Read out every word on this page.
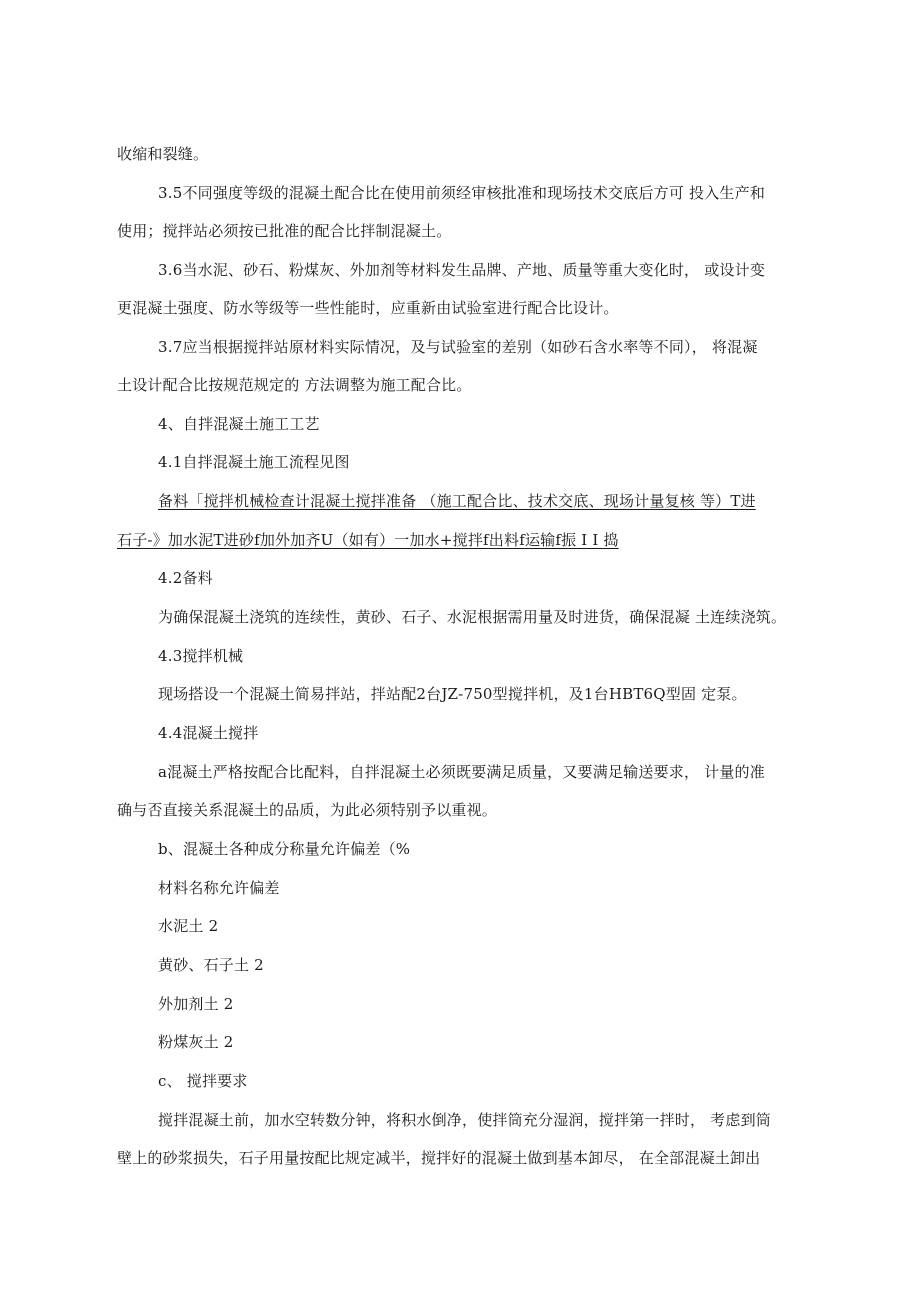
收缩和裂缝。
3.5不同强度等级的混凝土配合比在使用前须经审核批准和现场技术交底后方可 投入生产和
使用；搅拌站必须按已批准的配合比拌制混凝土。
3.6当水泥、砂石、粉煤灰、外加剂等材料发生品牌、产地、质量等重大变化时， 或设计变
更混凝土强度、防水等级等一些性能时，应重新由试验室进行配合比设计。
3.7应当根据搅拌站原材料实际情况，及与试验室的差别（如砂石含水率等不同）， 将混凝
土设计配合比按规范规定的 方法调整为施工配合比。
4、自拌混凝土施工工艺
4.1自拌混凝土施工流程见图
备料「搅拌机械检查计混凝土搅拌准备 （施工配合比、技术交底、现场计量复核 等）T进
石子-》加水泥T进砂f加外加齐U（如有）一加水+搅拌f出料f运输f振 I I 捣
4.2备料
为确保混凝土浇筑的连续性，黄砂、石子、水泥根据需用量及时进货，确保混凝 土连续浇筑。
4.3搅拌机械
现场搭设一个混凝土简易拌站，拌站配2台JZ-750型搅拌机，及1台HBT6Q型固 定泵。
4.4混凝土搅拌
a混凝土严格按配合比配料，自拌混凝土必须既要满足质量，又要满足输送要求， 计量的准
确与否直接关系混凝土的品质，为此必须特别予以重视。
b、混凝土各种成分称量允许偏差（%
材料名称允许偏差
水泥土 2
黄砂、石子土 2
外加剂土 2
粉煤灰土 2
c、 搅拌要求
搅拌混凝土前，加水空转数分钟，将积水倒净，使拌筒充分湿润，搅拌第一拌时， 考虑到筒
壁上的砂浆损失，石子用量按配比规定减半，搅拌好的混凝土做到基本卸尽， 在全部混凝土卸出
